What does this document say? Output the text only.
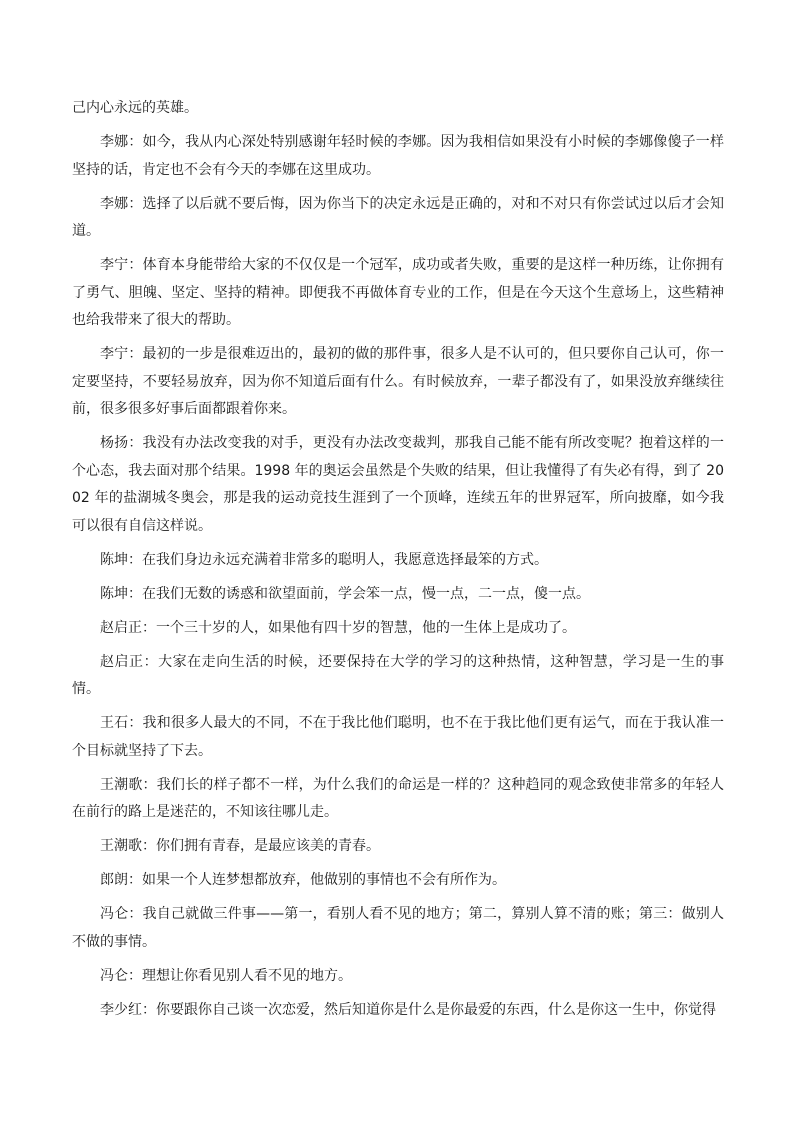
己内心永远的英雄。

李娜：如今，我从内心深处特别感谢年轻时候的李娜。因为我相信如果没有小时候的李娜像傻子一样坚持的话，肯定也不会有今天的李娜在这里成功。

李娜：选择了以后就不要后悔，因为你当下的决定永远是正确的，对和不对只有你尝试过以后才会知道。

李宁：体育本身能带给大家的不仅仅是一个冠军，成功或者失败，重要的是这样一种历练，让你拥有了勇气、胆魄、坚定、坚持的精神。即便我不再做体育专业的工作，但是在今天这个生意场上，这些精神也给我带来了很大的帮助。

李宁：最初的一步是很难迈出的，最初的做的那件事，很多人是不认可的，但只要你自己认可，你一定要坚持，不要轻易放弃，因为你不知道后面有什么。有时候放弃，一辈子都没有了，如果没放弃继续往前，很多很多好事后面都跟着你来。

杨扬：我没有办法改变我的对手，更没有办法改变裁判，那我自己能不能有所改变呢？抱着这样的一个心态，我去面对那个结果。1998 年的奥运会虽然是个失败的结果，但让我懂得了有失必有得，到了 2002 年的盐湖城冬奥会，那是我的运动竞技生涯到了一个顶峰，连续五年的世界冠军，所向披靡，如今我可以很有自信这样说。

陈坤：在我们身边永远充满着非常多的聪明人，我愿意选择最笨的方式。

陈坤：在我们无数的诱惑和欲望面前，学会笨一点，慢一点，二一点，傻一点。

赵启正：一个三十岁的人，如果他有四十岁的智慧，他的一生体上是成功了。

赵启正：大家在走向生活的时候，还要保持在大学的学习的这种热情，这种智慧，学习是一生的事情。

王石：我和很多人最大的不同，不在于我比他们聪明，也不在于我比他们更有运气，而在于我认准一个目标就坚持了下去。

王潮歌：我们长的样子都不一样，为什么我们的命运是一样的？这种趋同的观念致使非常多的年轻人在前行的路上是迷茫的，不知该往哪儿走。

王潮歌：你们拥有青春，是最应该美的青春。

郎朗：如果一个人连梦想都放弃，他做别的事情也不会有所作为。

冯仑：我自己就做三件事——第一，看别人看不见的地方；第二，算别人算不清的账；第三：做别人不做的事情。

冯仑：理想让你看见别人看不见的地方。

李少红：你要跟你自己谈一次恋爱，然后知道你是什么是你最爱的东西，什么是你这一生中，你觉得
